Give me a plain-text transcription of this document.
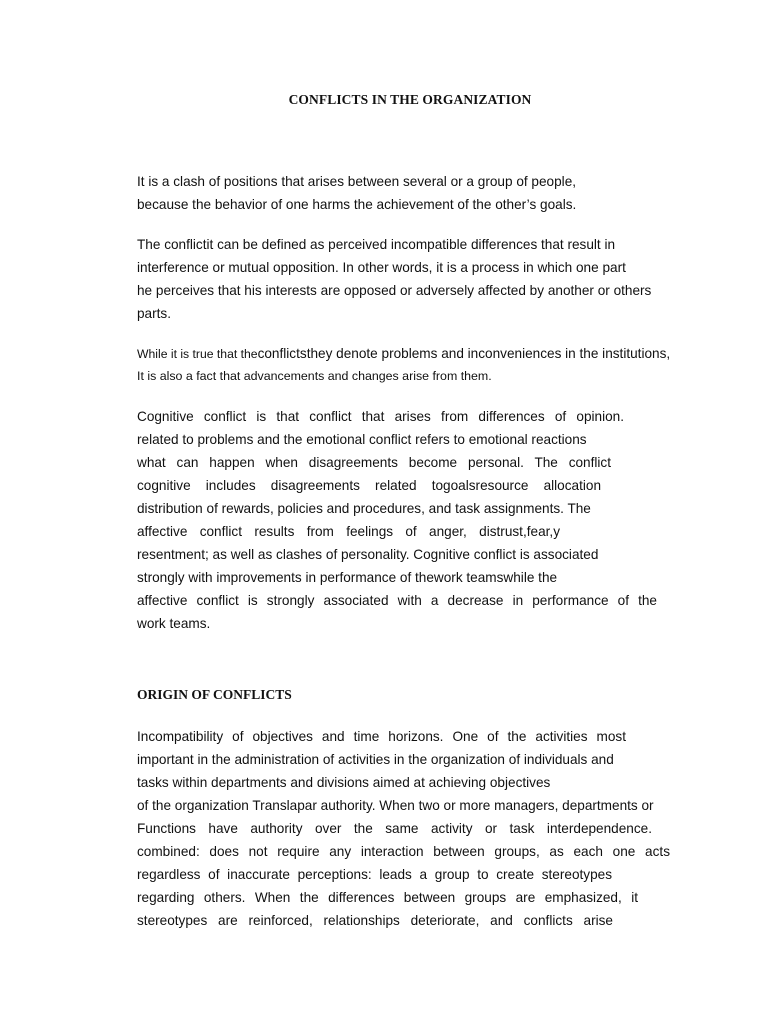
CONFLICTS IN THE ORGANIZATION
It is a clash of positions that arises between several or a group of people,
because the behavior of one harms the achievement of the other’s goals.
The conflictit can be defined as perceived incompatible differences that result in
interference or mutual opposition. In other words, it is a process in which one part
he perceives that his interests are opposed or adversely affected by another or others
parts.
While it is true that theconflictsthey denote problems and inconveniences in the institutions,
It is also a fact that advancements and changes arise from them.
Cognitive conflict is that conflict that arises from differences of opinion.
related to problems and the emotional conflict refers to emotional reactions
what can happen when disagreements become personal. The conflict
cognitive includes disagreements related togoalsresource allocation
distribution of rewards, policies and procedures, and task assignments. The
affective conflict results from feelings of anger, distrust,fear,y
resentment; as well as clashes of personality. Cognitive conflict is associated
strongly with improvements in performance of thework teamswhile the
affective conflict is strongly associated with a decrease in performance of the
work teams.
ORIGIN OF CONFLICTS
Incompatibility of objectives and time horizons. One of the activities most
important in the administration of activities in the organization of individuals and
tasks within departments and divisions aimed at achieving objectives
of the organization Translapar authority. When two or more managers, departments or
Functions have authority over the same activity or task interdependence.
combined: does not require any interaction between groups, as each one acts
regardless of inaccurate perceptions: leads a group to create stereotypes
regarding others. When the differences between groups are emphasized, it
stereotypes are reinforced, relationships deteriorate, and conflicts arise
